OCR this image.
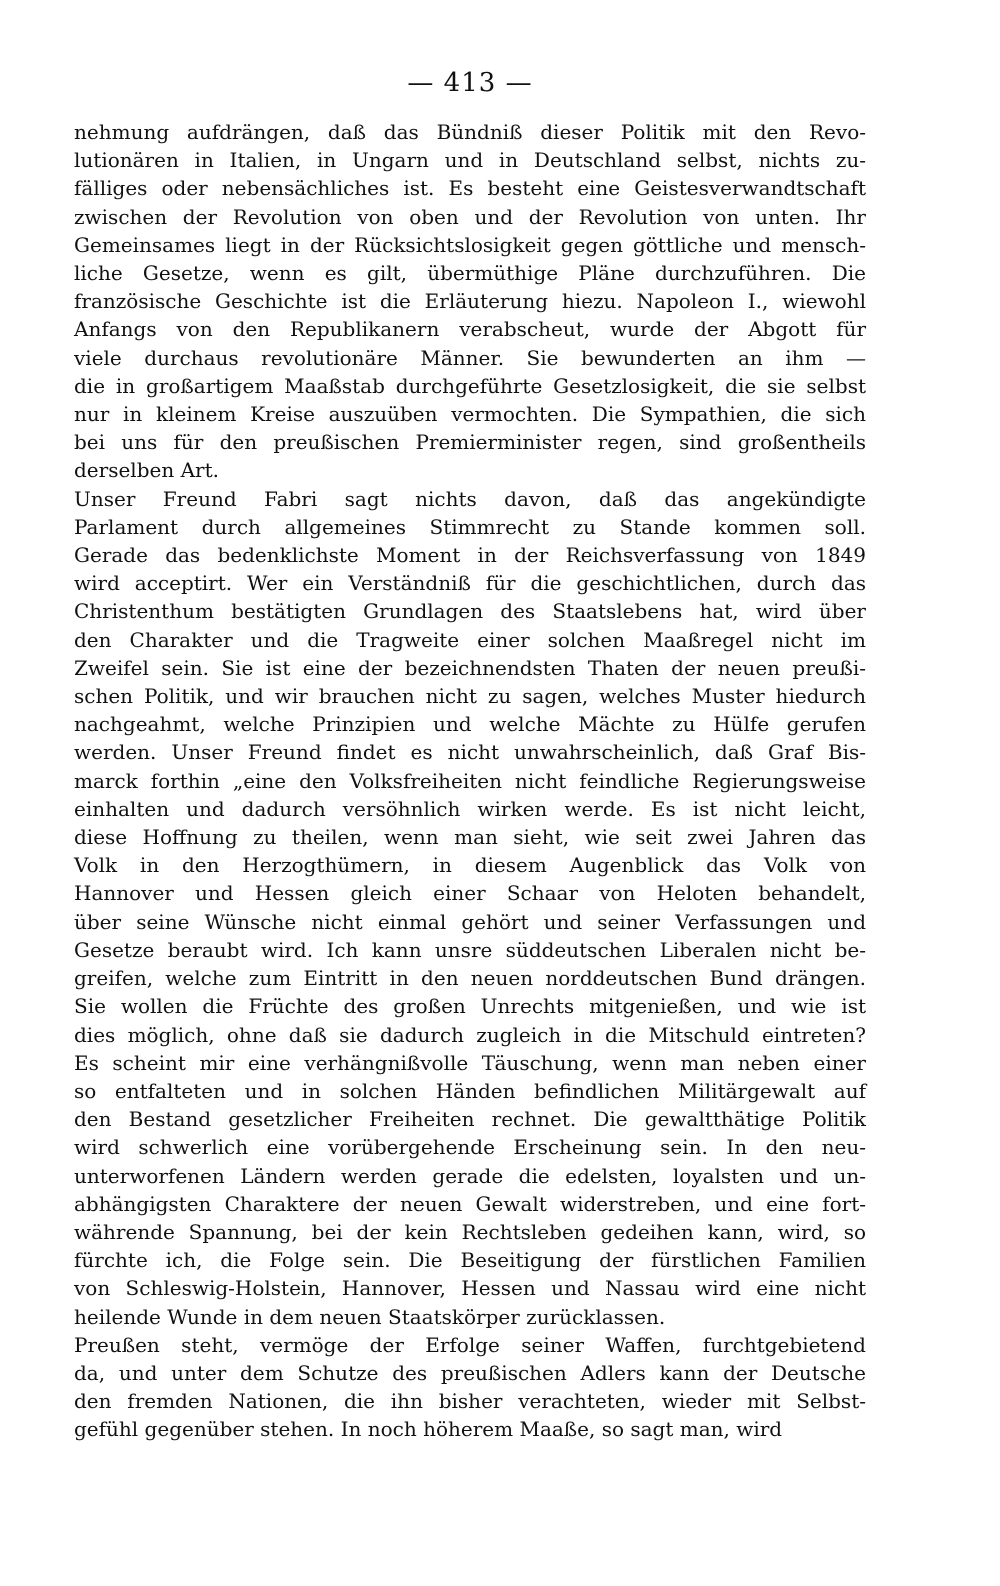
— 413 —
nehmung aufdrängen, daß das Bündniß dieser Politik mit den Revo-
lutionären in Italien, in Ungarn und in Deutschland selbst, nichts zu-
fälliges oder nebensächliches ist. Es besteht eine Geistesverwandtschaft
zwischen der Revolution von oben und der Revolution von unten. Ihr
Gemeinsames liegt in der Rücksichtslosigkeit gegen göttliche und mensch-
liche Gesetze, wenn es gilt, übermüthige Pläne durchzuführen. Die
französische Geschichte ist die Erläuterung hiezu. Napoleon I., wiewohl
Anfangs von den Republikanern verabscheut, wurde der Abgott für
viele durchaus revolutionäre Männer. Sie bewunderten an ihm —
die in großartigem Maaßstab durchgeführte Gesetzlosigkeit, die sie selbst
nur in kleinem Kreise auszuüben vermochten. Die Sympathien, die sich
bei uns für den preußischen Premierminister regen, sind großentheils
derselben Art.
Unser Freund Fabri sagt nichts davon, daß das angekündigte
Parlament durch allgemeines Stimmrecht zu Stande kommen soll.
Gerade das bedenklichste Moment in der Reichsverfassung von 1849
wird acceptirt. Wer ein Verständniß für die geschichtlichen, durch das
Christenthum bestätigten Grundlagen des Staatslebens hat, wird über
den Charakter und die Tragweite einer solchen Maaßregel nicht im
Zweifel sein. Sie ist eine der bezeichnendsten Thaten der neuen preußi-
schen Politik, und wir brauchen nicht zu sagen, welches Muster hiedurch
nachgeahmt, welche Prinzipien und welche Mächte zu Hülfe gerufen
werden. Unser Freund findet es nicht unwahrscheinlich, daß Graf Bis-
marck forthin „eine den Volksfreiheiten nicht feindliche Regierungsweise
einhalten und dadurch versöhnlich wirken werde. Es ist nicht leicht,
diese Hoffnung zu theilen, wenn man sieht, wie seit zwei Jahren das
Volk in den Herzogthümern, in diesem Augenblick das Volk von
Hannover und Hessen gleich einer Schaar von Heloten behandelt,
über seine Wünsche nicht einmal gehört und seiner Verfassungen und
Gesetze beraubt wird. Ich kann unsre süddeutschen Liberalen nicht be-
greifen, welche zum Eintritt in den neuen norddeutschen Bund drängen.
Sie wollen die Früchte des großen Unrechts mitgenießen, und wie ist
dies möglich, ohne daß sie dadurch zugleich in die Mitschuld eintreten?
Es scheint mir eine verhängnißvolle Täuschung, wenn man neben einer
so entfalteten und in solchen Händen befindlichen Militärgewalt auf
den Bestand gesetzlicher Freiheiten rechnet. Die gewaltthätige Politik
wird schwerlich eine vorübergehende Erscheinung sein. In den neu-
unterworfenen Ländern werden gerade die edelsten, loyalsten und un-
abhängigsten Charaktere der neuen Gewalt widerstreben, und eine fort-
währende Spannung, bei der kein Rechtsleben gedeihen kann, wird, so
fürchte ich, die Folge sein. Die Beseitigung der fürstlichen Familien
von Schleswig-Holstein, Hannover, Hessen und Nassau wird eine nicht
heilende Wunde in dem neuen Staatskörper zurücklassen.
Preußen steht, vermöge der Erfolge seiner Waffen, furchtgebietend
da, und unter dem Schutze des preußischen Adlers kann der Deutsche
den fremden Nationen, die ihn bisher verachteten, wieder mit Selbst-
gefühl gegenüber stehen. In noch höherem Maaße, so sagt man, wird
